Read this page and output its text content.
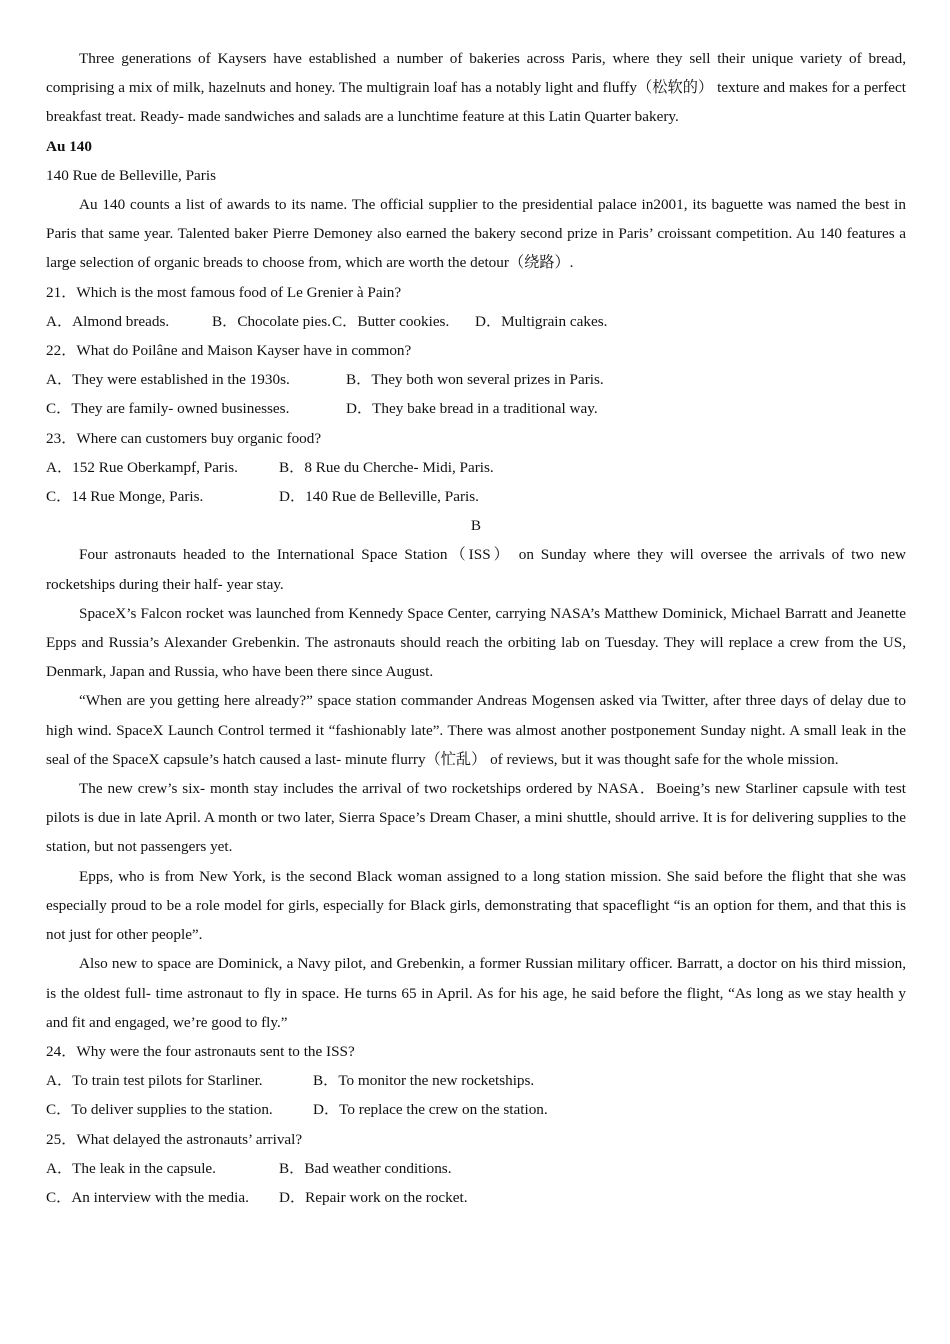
Three generations of Kaysers have established a number of bakeries across Paris, where they sell their unique variety of bread, comprising a mix of milk, hazelnuts and honey. The multigrain loaf has a notably light and fluffy（松软的） texture and makes for a perfect breakfast treat. Ready- made sandwiches and salads are a lunchtime feature at this Latin Quarter bakery.

Au 140

140 Rue de Belleville, Paris

Au 140 counts a list of awards to its name. The official supplier to the presidential palace in2001, its baguette was named the best in Paris that same year. Talented baker Pierre Demoney also earned the bakery second prize in Paris’ croissant competition. Au 140 features a large selection of organic breads to choose from, which are worth the detour（绕路）.

21．Which is the most famous food of Le Grenier à Pain?

A．Almond breads.	B．Chocolate pies.C．Butter cookies. D．Multigrain cakes.

22．What do Poilâne and Maison Kayser have in common?

A．They were established in the 1930s.	B．They both won several prizes in Paris.

C．They are family- owned businesses.	D．They bake bread in a traditional way.

23．Where can customers buy organic food?

A．152 Rue Oberkampf, Paris.	B．8 Rue du Cherche- Midi, Paris.

C．14 Rue Monge, Paris.	D．140 Rue de Belleville, Paris.

B

Four astronauts headed to the International Space Station（ISS） on Sunday where they will oversee the arrivals of two new rocketships during their half- year stay.

SpaceX’s Falcon rocket was launched from Kennedy Space Center, carrying NASA’s Matthew Dominick, Michael Barratt and Jeanette Epps and Russia’s Alexander Grebenkin. The astronauts should reach the orbiting lab on Tuesday. They will replace a crew from the US, Denmark, Japan and Russia, who have been there since August.

“When are you getting here already?” space station commander Andreas Mogensen asked via Twitter, after three days of delay due to high wind. SpaceX Launch Control termed it “fashionably late”. There was almost another postponement Sunday night. A small leak in the seal of the SpaceX capsule’s hatch caused a last- minute flurry（忙乱） of reviews, but it was thought safe for the whole mission.

The new crew’s six- month stay includes the arrival of two rocketships ordered by NASA．Boeing’s new Starliner capsule with test pilots is due in late April. A month or two later, Sierra Space’s Dream Chaser, a mini shuttle, should arrive. It is for delivering supplies to the station, but not passengers yet.

Epps, who is from New York, is the second Black woman assigned to a long station mission. She said before the flight that she was especially proud to be a role model for girls, especially for Black girls, demonstrating that spaceflight “is an option for them, and that this is not just for other people”.

Also new to space are Dominick, a Navy pilot, and Grebenkin, a former Russian military officer. Barratt, a doctor on his third mission, is the oldest full- time astronaut to fly in space. He turns 65 in April. As for his age, he said before the flight, “As long as we stay health y and fit and engaged, we’re good to fly.”

24．Why were the four astronauts sent to the ISS?

A．To train test pilots for Starliner.	B．To monitor the new rocketships.

C．To deliver supplies to the station.	D．To replace the crew on the station.

25．What delayed the astronauts’ arrival?

A．The leak in the capsule.	B．Bad weather conditions.

C．An interview with the media. D．Repair work on the rocket.
